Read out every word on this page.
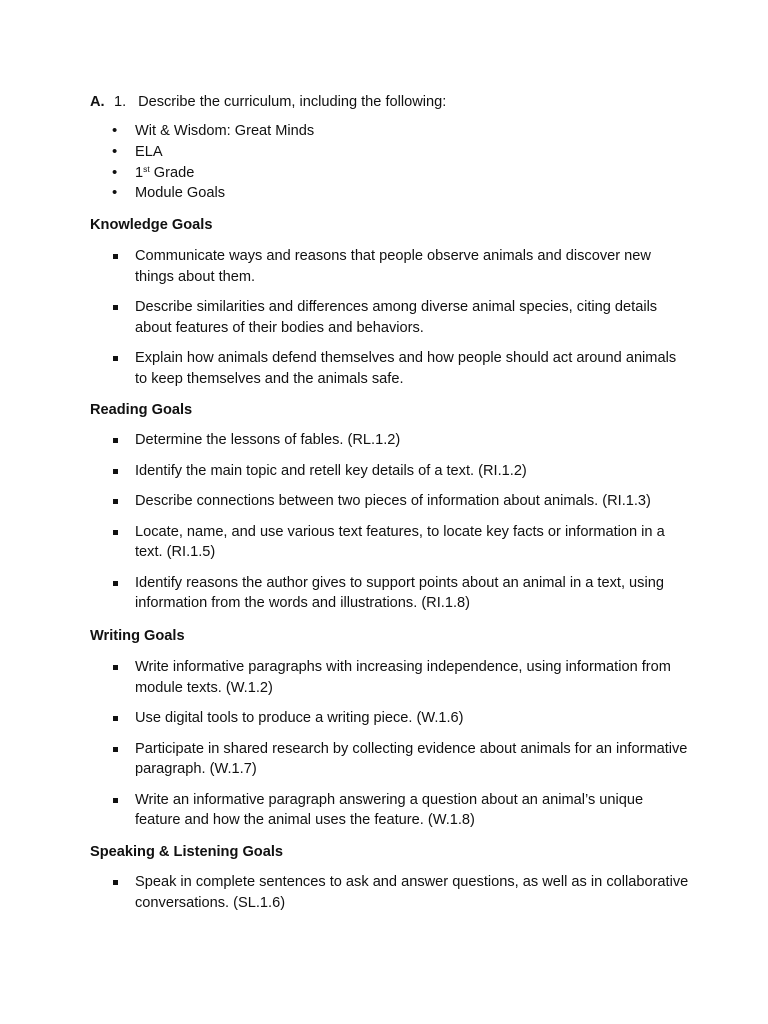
A. 1. Describe the curriculum, including the following:
• Wit & Wisdom: Great Minds
• ELA
• 1st Grade
• Module Goals
Knowledge Goals
Communicate ways and reasons that people observe animals and discover new things about them.
Describe similarities and differences among diverse animal species, citing details about features of their bodies and behaviors.
Explain how animals defend themselves and how people should act around animals to keep themselves and the animals safe.
Reading Goals
Determine the lessons of fables. (RL.1.2)
Identify the main topic and retell key details of a text. (RI.1.2)
Describe connections between two pieces of information about animals. (RI.1.3)
Locate, name, and use various text features, to locate key facts or information in a text. (RI.1.5)
Identify reasons the author gives to support points about an animal in a text, using information from the words and illustrations. (RI.1.8)
Writing Goals
Write informative paragraphs with increasing independence, using information from module texts. (W.1.2)
Use digital tools to produce a writing piece. (W.1.6)
Participate in shared research by collecting evidence about animals for an informative paragraph. (W.1.7)
Write an informative paragraph answering a question about an animal’s unique feature and how the animal uses the feature. (W.1.8)
Speaking & Listening Goals
Speak in complete sentences to ask and answer questions, as well as in collaborative conversations. (SL.1.6)
